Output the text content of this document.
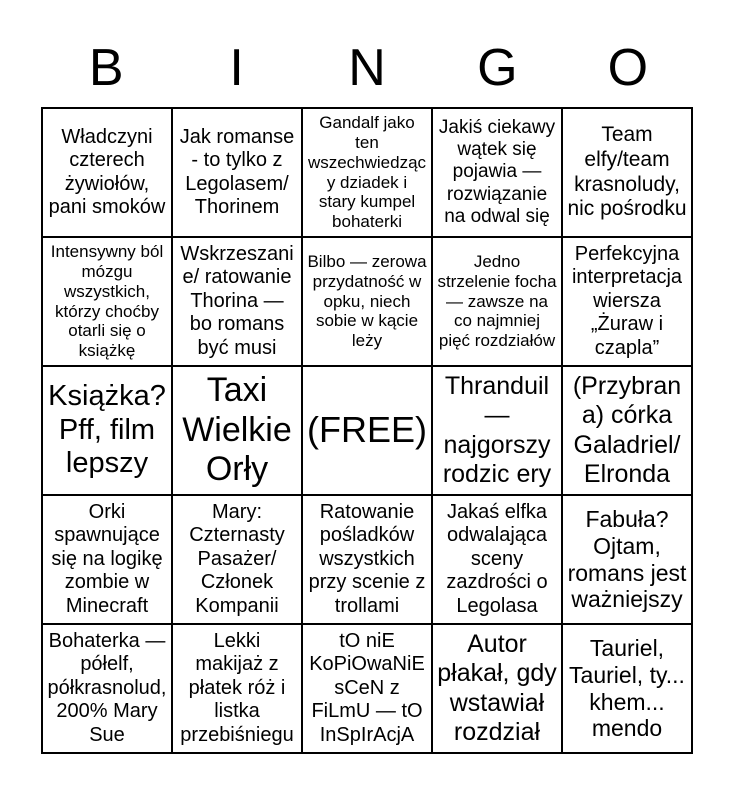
B	I	N	G	O
Władczyni czterech żywiołów, pani smoków
Jak romanse - to tylko z Legolasem/ Thorinem
Gandalf jako ten wszechwiedzący dziadek i stary kumpel bohaterki
Jakiś ciekawy wątek się pojawia — rozwiązanie na odwal się
Team elfy/team krasnoludy, nic pośrodku
Intensywny ból mózgu wszystkich, którzy choćby otarli się o książkę
Wskrzeszanie/ ratowanie Thorina — bo romans być musi
Bilbo — zerowa przydatność w opku, niech sobie w kącie leży
Jedno strzelenie focha — zawsze na co najmniej pięć rozdziałów
Perfekcyjna interpretacja wiersza „Żuraw i czapla”
Książka? Pff, film lepszy
Taxi Wielkie Orły
(FREE)
Thranduil — najgorszy rodzic ery
(Przybrana) córka Galadriel/ Elronda
Orki spawnujące się na logikę zombie w Minecraft
Mary: Czternasty Pasażer/ Członek Kompanii
Ratowanie pośladków wszystkich przy scenie z trollami
Jakaś elfka odwalająca sceny zazdrości o Legolasa
Fabuła? Ojtam, romans jest ważniejszy
Bohaterka — półelf, półkrasnolud, 200% Mary Sue
Lekki makijaż z płatek róż i listka przebiśniegu
tO niE KoPiOwaNiE sCeN z FiLmU — tO InSpIrAcjA
Autor płakał, gdy wstawiał rozdział
Tauriel, Tauriel, ty... khem... mendo
